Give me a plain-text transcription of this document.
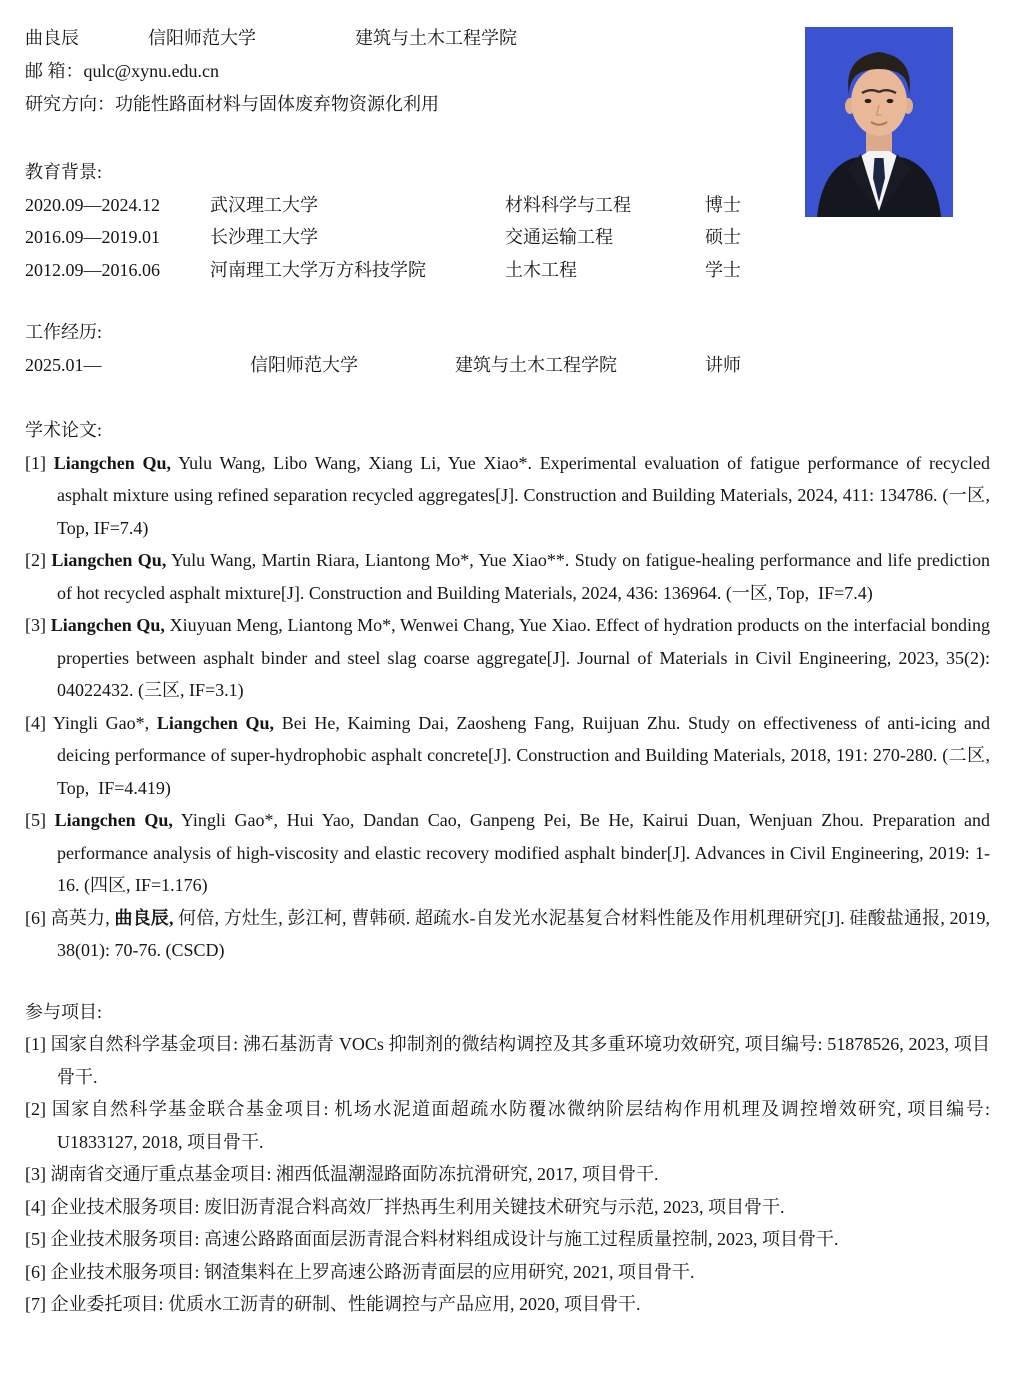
曲良辰	信阳师范大学	建筑与土木工程学院
邮 箱：qulc@xynu.edu.cn
研究方向：功能性路面材料与固体废弃物资源化利用
教育背景:
2020.09—2024.12	武汉理工大学	材料科学与工程	博士
2016.09—2019.01	长沙理工大学	交通运输工程	硕士
2012.09—2016.06	河南理工大学万方科技学院	土木工程	学士
工作经历:
2025.01—	信阳师范大学	建筑与土木工程学院	讲师
学术论文:
[1] Liangchen Qu, Yulu Wang, Libo Wang, Xiang Li, Yue Xiao*. Experimental evaluation of fatigue performance of recycled asphalt mixture using refined separation recycled aggregates[J]. Construction and Building Materials, 2024, 411: 134786. (一区, Top, IF=7.4)
[2] Liangchen Qu, Yulu Wang, Martin Riara, Liantong Mo*, Yue Xiao**. Study on fatigue-healing performance and life prediction of hot recycled asphalt mixture[J]. Construction and Building Materials, 2024, 436: 136964. (一区, Top,  IF=7.4)
[3] Liangchen Qu, Xiuyuan Meng, Liantong Mo*, Wenwei Chang, Yue Xiao. Effect of hydration products on the interfacial bonding properties between asphalt binder and steel slag coarse aggregate[J]. Journal of Materials in Civil Engineering, 2023, 35(2): 04022432. (三区, IF=3.1)
[4] Yingli Gao*, Liangchen Qu, Bei He, Kaiming Dai, Zaosheng Fang, Ruijuan Zhu. Study on effectiveness of anti-icing and deicing performance of super-hydrophobic asphalt concrete[J]. Construction and Building Materials, 2018, 191: 270-280. (二区, Top,  IF=4.419)
[5] Liangchen Qu, Yingli Gao*, Hui Yao, Dandan Cao, Ganpeng Pei, Be He, Kairui Duan, Wenjuan Zhou. Preparation and performance analysis of high-viscosity and elastic recovery modified asphalt binder[J]. Advances in Civil Engineering, 2019: 1-16. (四区, IF=1.176)
[6] 高英力, 曲良辰, 何倍, 方灶生, 彭江柯, 曹韩硕. 超疏水-自发光水泥基复合材料性能及作用机理研究[J]. 硅酸盐通报, 2019, 38(01): 70-76. (CSCD)
参与项目:
[1] 国家自然科学基金项目: 沸石基沥青 VOCs 抑制剂的微结构调控及其多重环境功效研究, 项目编号: 51878526, 2023, 项目骨干.
[2] 国家自然科学基金联合基金项目: 机场水泥道面超疏水防覆冰微纳阶层结构作用机理及调控增效研究, 项目编号: U1833127, 2018, 项目骨干.
[3] 湖南省交通厅重点基金项目: 湘西低温潮湿路面防冻抗滑研究, 2017, 项目骨干.
[4] 企业技术服务项目: 废旧沥青混合料高效厂拌热再生利用关键技术研究与示范, 2023, 项目骨干.
[5] 企业技术服务项目: 高速公路路面面层沥青混合料材料组成设计与施工过程质量控制, 2023, 项目骨干.
[6] 企业技术服务项目: 钢渣集料在上罗高速公路沥青面层的应用研究, 2021, 项目骨干.
[7] 企业委托项目: 优质水工沥青的研制、性能调控与产品应用, 2020, 项目骨干.
